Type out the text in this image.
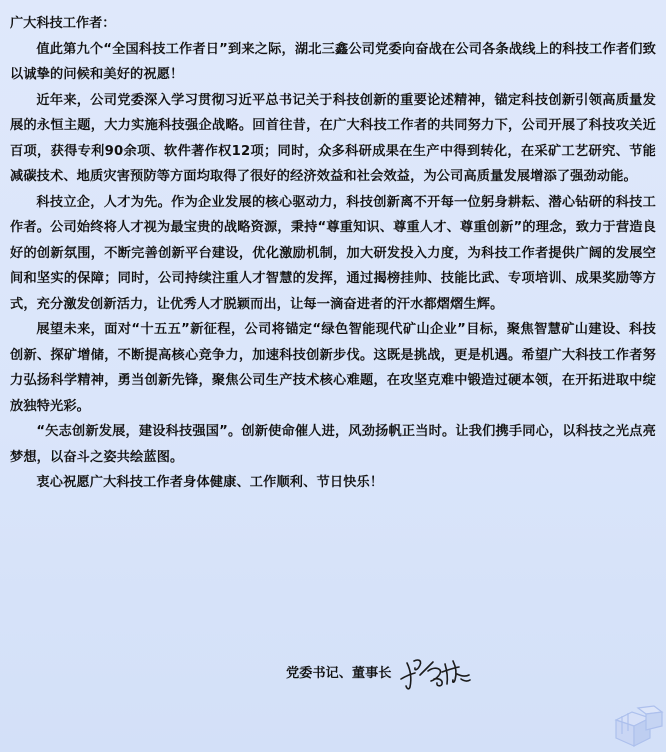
广大科技工作者：

值此第九个“全国科技工作者日”到来之际，湖北三鑫公司党委向奋战在公司各条战线上的科技工作者们致以诚挚的问候和美好的祝愿！

近年来，公司党委深入学习贯彻习近平总书记关于科技创新的重要论述精神，锚定科技创新引领高质量发展的永恒主题，大力实施科技强企战略。回首往昔，在广大科技工作者的共同努力下，公司开展了科技攻关近百项，获得专利90余项、软件著作权12项；同时，众多科研成果在生产中得到转化，在采矿工艺研究、节能减碳技术、地质灾害预防等方面均取得了很好的经济效益和社会效益，为公司高质量发展增添了强劲动能。

科技立企，人才为先。作为企业发展的核心驱动力，科技创新离不开每一位躬身耕耘、潜心钻研的科技工作者。公司始终将人才视为最宝贵的战略资源，秉持“尊重知识、尊重人才、尊重创新”的理念，致力于营造良好的创新氛围，不断完善创新平台建设，优化激励机制，加大研发投入力度，为科技工作者提供广阔的发展空间和坚实的保障；同时，公司持续注重人才智慧的发挥，通过揭榜挂帅、技能比武、专项培训、成果奖励等方式，充分激发创新活力，让优秀人才脱颖而出，让每一滴奋进者的汗水都熠熠生辉。

展望未来，面对“十五五”新征程，公司将锚定“绿色智能现代矿山企业”目标，聚焦智慧矿山建设、科技创新、探矿增储，不断提高核心竞争力，加速科技创新步伐。这既是挑战，更是机遇。希望广大科技工作者努力弘扬科学精神，勇当创新先锋，聚焦公司生产技术核心难题，在攻坚克难中锻造过硬本领，在开拓进取中绽放独特光彩。

“矢志创新发展，建设科技强国”。创新使命催人进，风劲扬帆正当时。让我们携手同心，以科技之光点亮梦想，以奋斗之姿共绘蓝图。

衷心祝愿广大科技工作者身体健康、工作顺利、节日快乐！

党委书记、董事长
